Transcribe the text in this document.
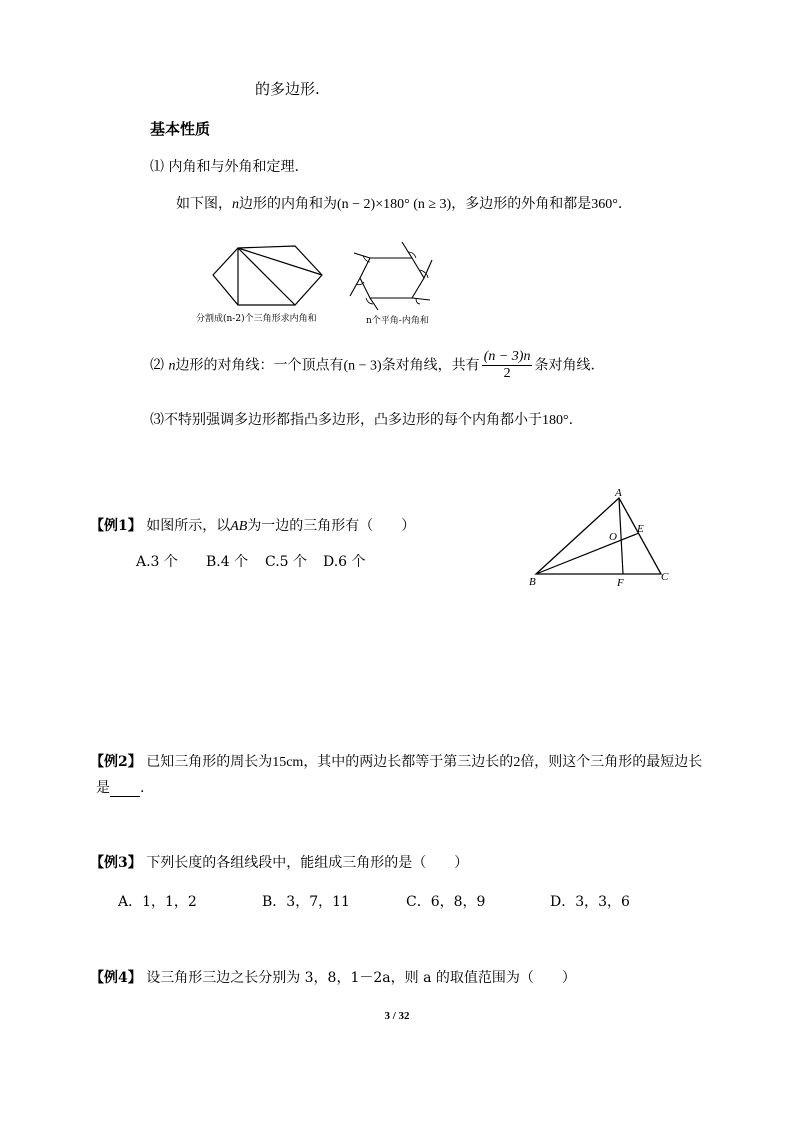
的多边形.
基本性质
⑴ 内角和与外角和定理.
如下图，n边形的内角和为(n − 2)×180° (n ≥ 3)，多边形的外角和都是360°.
分割成(n-2)个三角形求内角和	n个平角-内角和
⑵ n边形的对角线：一个顶点有(n − 3)条对角线，共有 $\frac{(n - 3)n}{2}$ 条对角线.
⑶不特别强调多边形都指凸多边形，凸多边形的每个内角都小于180°.
【例1】 如图所示，以AB为一边的三角形有（　　）
A.3 个 B.4 个 C.5 个 D.6 个
A
B	C
E
F
O
【例2】 已知三角形的周长为15cm，其中的两边长都等于第三边长的2倍，则这个三角形的最短边长
是 .
【例3】 下列长度的各组线段中，能组成三角形的是（　　）
A．1，1，2	B．3，7，11	C．6，8，9	D．3，3，6
【例4】 设三角形三边之长分别为 3，8，1－2a，则 a 的取值范围为（　　）
3 / 32
